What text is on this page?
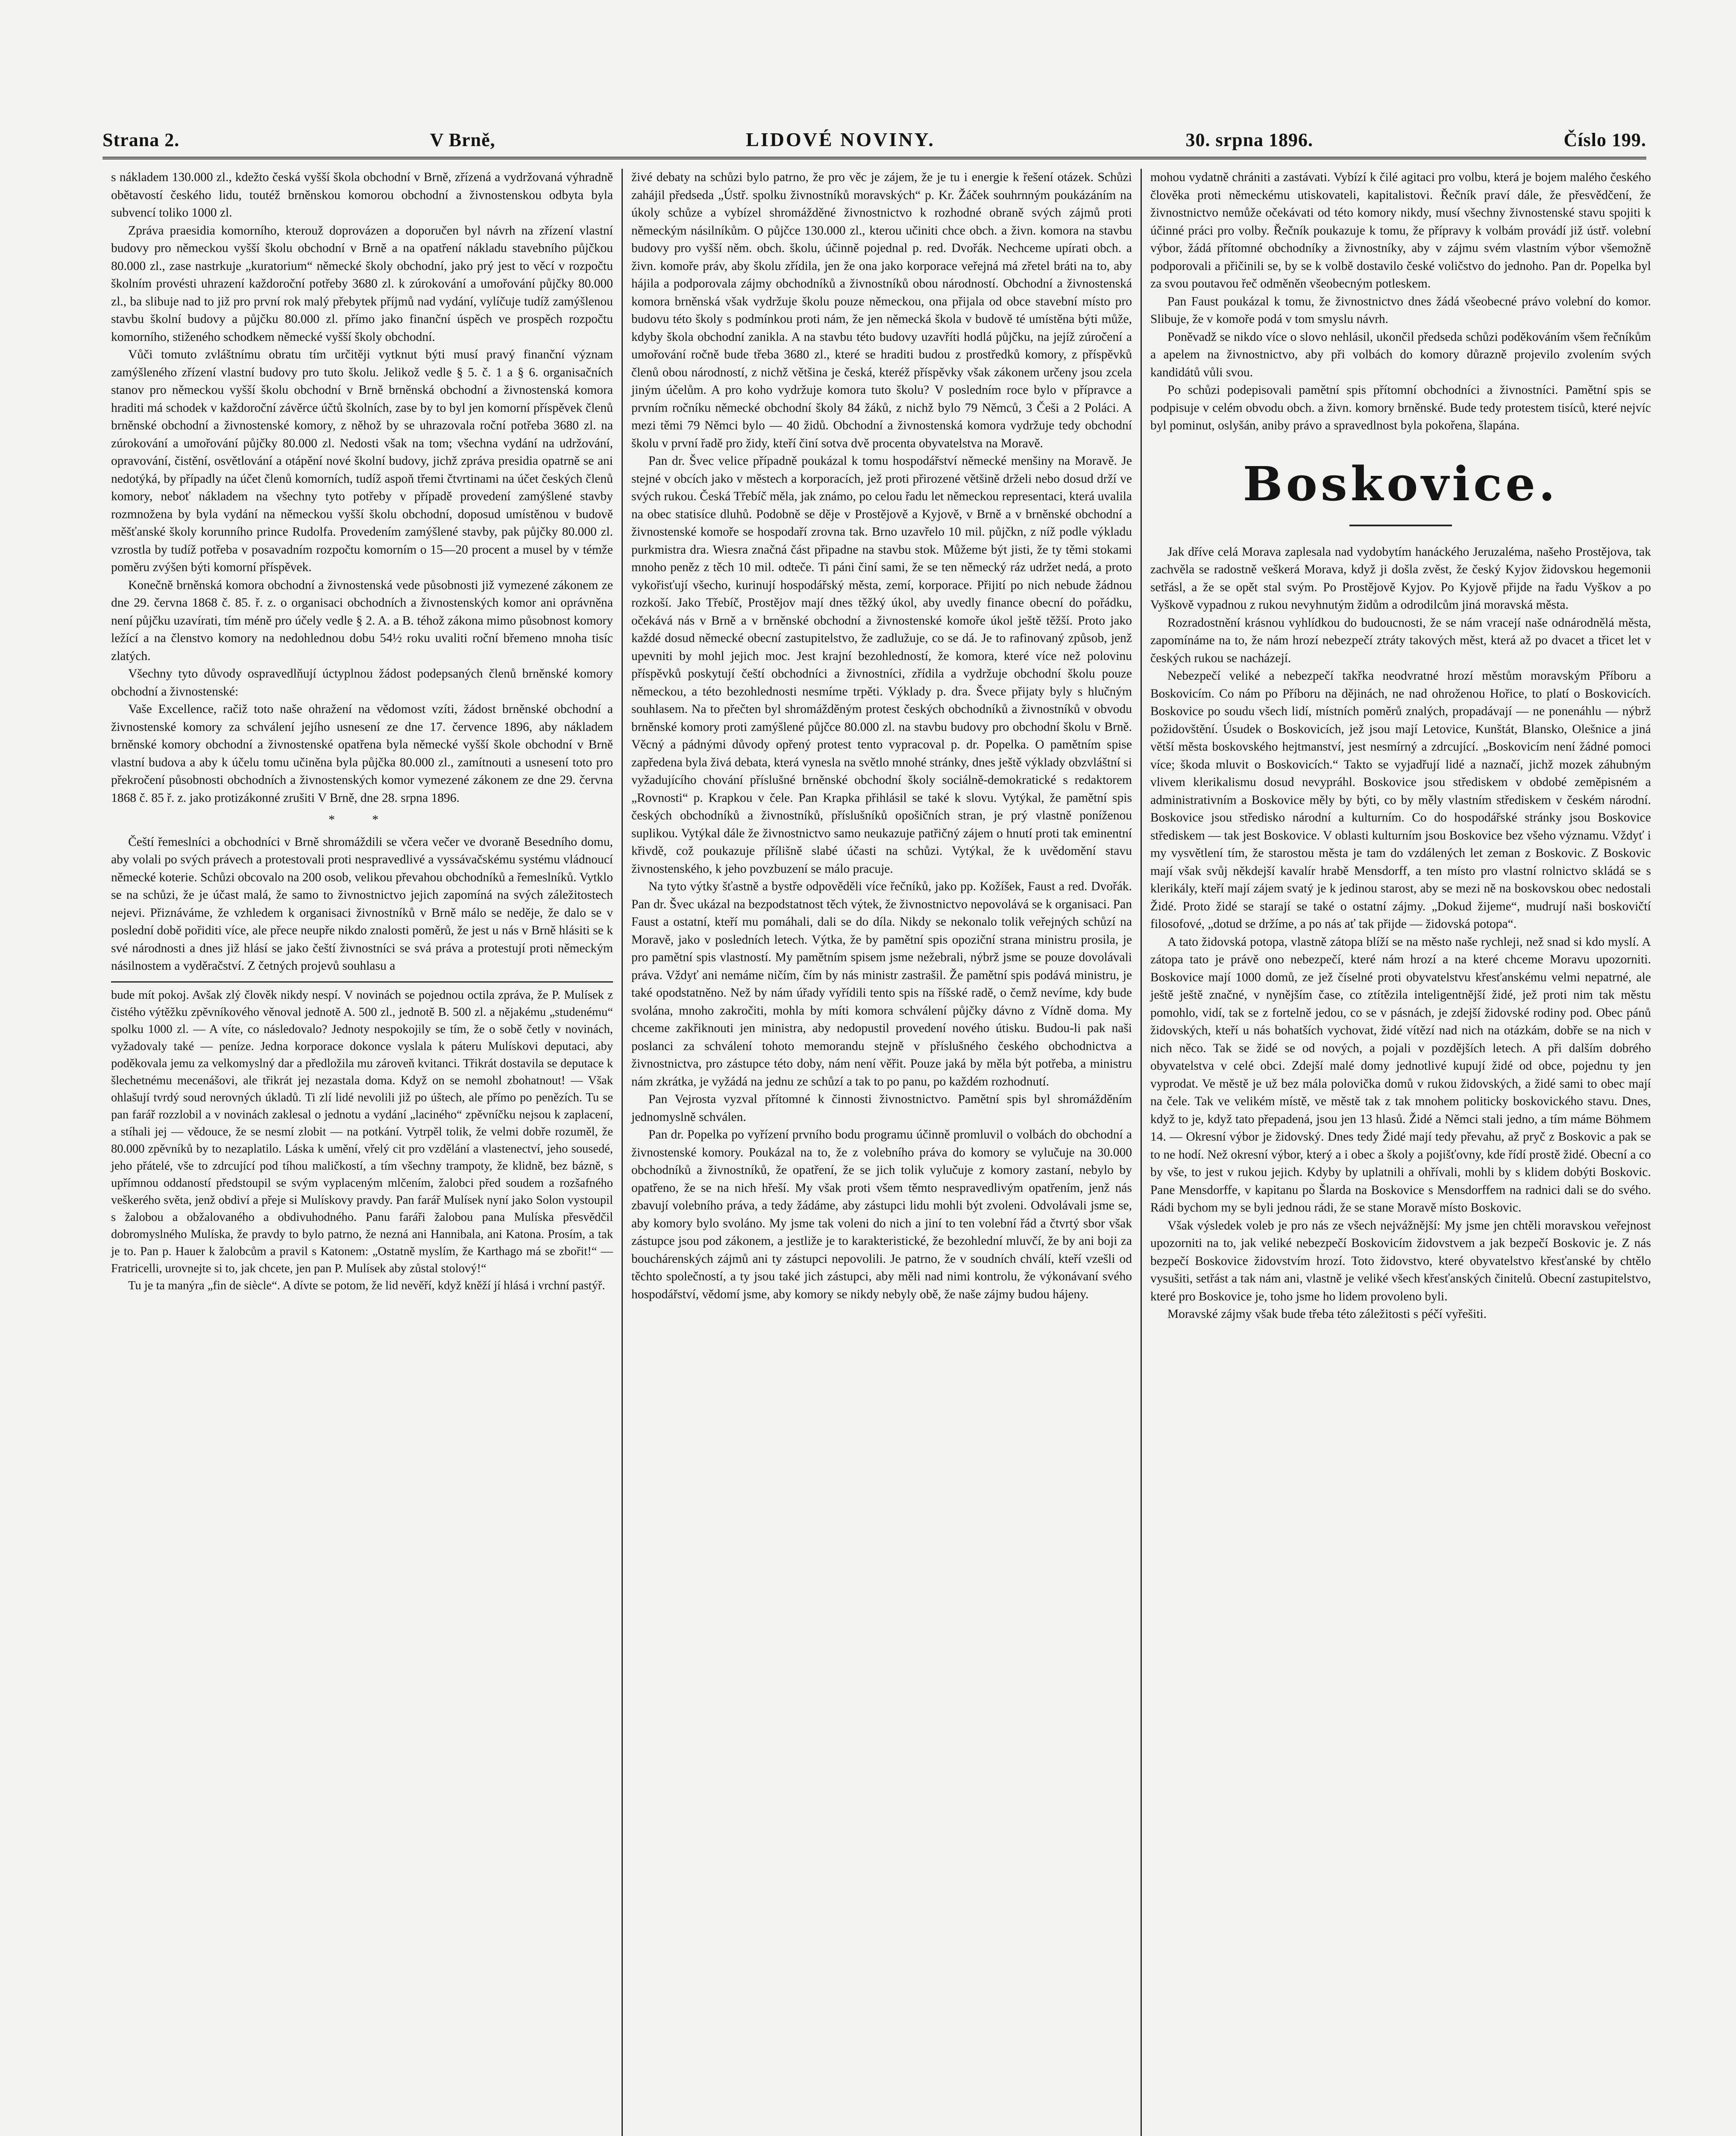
Strana 2.	V Brně,	LIDOVÉ NOVINY.	30. srpna 1896.	Číslo 199.

s nákladem 130.000 zl., kdežto česká vyšší škola obchodní v Brně, zřízená a vydržovaná výhradně obětavostí českého lidu, toutéž brněnskou komorou obchodní a živnostenskou odbyta byla subvencí toliko 1000 zl.

Zpráva praesidia komorního, kterouž doprovázen a doporučen byl návrh na zřízení vlastní budovy pro německou vyšší školu obchodní v Brně a na opatření nákladu stavebního půjčkou 80.000 zl., zase nastrkuje „kuratorium“ německé školy obchodní, jako prý jest to věcí v rozpočtu školním provésti uhrazení každoroční potřeby 3680 zl. k zúrokování a umořování půjčky 80.000 zl., ba slibuje nad to již pro první rok malý přebytek příjmů nad vydání, vylíčuje tudíž zamýšlenou stavbu školní budovy a půjčku 80.000 zl. přímo jako finanční úspěch ve prospěch rozpočtu komorního, stiženého schodkem německé vyšší školy obchodní.

Vůči tomuto zvláštnímu obratu tím určitěji vytknut býti musí pravý finanční význam zamýšleného zřízení vlastní budovy pro tuto školu. Jelikož vedle § 5. č. 1 a § 6. organisačních stanov pro německou vyšší školu obchodní v Brně brněnská obchodní a živnostenská komora hraditi má schodek v každoroční závěrce účtů školních, zase by to byl jen komorní příspěvek členů brněnské obchodní a živnostenské komory, z něhož by se uhrazovala roční potřeba 3680 zl. na zúrokování a umořování půjčky 80.000 zl. Nedosti však na tom; všechna vydání na udržování, opravování, čistění, osvětlování a otápění nové školní budovy, jichž zpráva presidia opatrně se ani nedotýká, by případly na účet členů komorních, tudíž aspoň třemi čtvrtinami na účet českých členů komory, neboť nákladem na všechny tyto potřeby v případě provedení zamýšlené stavby rozmnožena by byla vydání na německou vyšší školu obchodní, doposud umístěnou v budově měšťanské školy korunního prince Rudolfa. Provedením zamýšlené stavby, pak půjčky 80.000 zl. vzrostla by tudíž potřeba v posavadním rozpočtu komorním o 15—20 procent a musel by v témže poměru zvýšen býti komorní příspěvek.

Konečně brněnská komora obchodní a živnostenská vede působnosti již vymezené zákonem ze dne 29. června 1868 č. 85. ř. z. o organisaci obchodních a živnostenských komor ani oprávněna není půjčku uzavírati, tím méně pro účely vedle § 2. A. a B. téhož zákona mimo působnost komory ležící a na členstvo komory na nedohlednou dobu 54½ roku uvaliti roční břemeno mnoha tisíc zlatých.

Všechny tyto důvody ospravedlňují úctyplnou žádost podepsaných členů brněnské komory obchodní a živnostenské:

Vaše Excellence, račiž toto naše ohražení na vědomost vzíti, žádost brněnské obchodní a živnostenské komory za schválení jejího usnesení ze dne 17. července 1896, aby nákladem brněnské komory obchodní a živnostenské opatřena byla německé vyšší škole obchodní v Brně vlastní budova a aby k účelu tomu učiněna byla půjčka 80.000 zl., zamítnouti a usnesení toto pro překročení působnosti obchodních a živnostenských komor vymezené zákonem ze dne 29. června 1868 č. 85 ř. z. jako protizákonné zrušiti V Brně, dne 28. srpna 1896.

* *

Čeští řemeslníci a obchodníci v Brně shromáždili se včera večer ve dvoraně Besedního domu, aby volali po svých právech a protestovali proti nespravedlivé a vyssávačskému systému vládnoucí německé koterie. Schůzi obcovalo na 200 osob, velikou převahou obchodníků a řemeslníků. Vytklo se na schůzi, že je účast malá, že samo to živnostnictvo jejich zapomíná na svých záležitostech nejevi. Přiznáváme, že vzhledem k organisaci živnostníků v Brně málo se neděje, že dalo se v poslední době pořiditi více, ale přece neupře nikdo znalosti poměrů, že jest u nás v Brně hlásiti se k své národnosti a dnes již hlásí se jako čeští živnostníci se svá práva a protestují proti německým násilnostem a vyděračství. Z četných projevů souhlasu a

bude mít pokoj. Avšak zlý člověk nikdy nespí. V novinách se pojednou octila zpráva, že P. Mulísek z čistého výtěžku zpěvníkového věnoval jednotě A. 500 zl., jednotě B. 500 zl. a nějakému „studenému“ spolku 1000 zl. — A víte, co následovalo? Jednoty nespokojily se tím, že o sobě četly v novinách, vyžadovaly také — peníze. Jedna korporace dokonce vyslala k páteru Mulískovi deputaci, aby poděkovala jemu za velkomyslný dar a předložila mu zároveň kvitanci. Třikrát dostavila se deputace k šlechetnému mecenášovi, ale třikrát jej nezastala doma. Když on se nemohl zbohatnout! — Však ohlašují tvrdý soud nerovných úkladů. Ti zlí lidé nevolili již po úštech, ale přímo po penězích. Tu se pan farář rozzlobil a v novinách zaklesal o jednotu a vydání „laciného“ zpěvníčku nejsou k zaplacení, a stíhali jej — vědouce, že se nesmí zlobit — na potkání. Vytrpěl tolik, že velmi dobře rozuměl, že 80.000 zpěvníků by to nezaplatilo. Láska k umění, vřelý cit pro vzdělání a vlastenectví, jeho sousedé, jeho přátelé, vše to zdrcující pod tíhou maličkostí, a tím všechny trampoty, že klidně, bez bázně, s upřímnou oddaností předstoupil se svým vyplaceným mlčením, žalobci před soudem a rozšafného veškerého světa, jenž obdiví a přeje si Mulískovy pravdy. Pan farář Mulísek nyní jako Solon vystoupil s žalobou a obžalovaného a obdivuhodného. Panu faráři žalobou pana Mulíska přesvědčil dobromyslného Mulíska, že pravdy to bylo patrno, že nezná ani Hannibala, ani Katona. Prosím, a tak je to. Pan p. Hauer k žalobcům a pravil s Katonem: „Ostatně myslím, že Karthago má se zbořit!“ — Fratricelli, urovnejte si to, jak chcete, jen pan P. Mulísek aby zůstal stolový!“

Tu je ta manýra „fin de siècle“. A dívte se potom, že lid nevěří, když kněží jí hlásá i vrchní pastýř.

živé debaty na schůzi bylo patrno, že pro věc je zájem, že je tu i energie k řešení otázek. Schůzi zahájil předseda „Ústř. spolku živnostníků moravských“ p. Kr. Žáček souhrnným poukázáním na úkoly schůze a vybízel shromážděné živnostnictvo k rozhodné obraně svých zájmů proti německým násilníkům. O půjčce 130.000 zl., kterou učiniti chce obch. a živn. komora na stavbu budovy pro vyšší něm. obch. školu, účinně pojednal p. red. Dvořák. Nechceme upírati obch. a živn. komoře práv, aby školu zřídila, jen že ona jako korporace veřejná má zřetel bráti na to, aby hájila a podporovala zájmy obchodníků a živnostníků obou národností. Obchodní a živnostenská komora brněnská však vydržuje školu pouze německou, ona přijala od obce stavební místo pro budovu této školy s podmínkou proti nám, že jen německá škola v budově té umístěna býti může, kdyby škola obchodní zanikla. A na stavbu této budovy uzavříti hodlá půjčku, na jejíž zúročení a umořování ročně bude třeba 3680 zl., které se hraditi budou z prostředků komory, z příspěvků členů obou národností, z nichž většina je česká, kteréž příspěvky však zákonem určeny jsou zcela jiným účelům. A pro koho vydržuje komora tuto školu? V posledním roce bylo v přípravce a prvním ročníku německé obchodní školy 84 žáků, z nichž bylo 79 Němců, 3 Češi a 2 Poláci. A mezi těmi 79 Němci bylo — 40 židů. Obchodní a živnostenská komora vydržuje tedy obchodní školu v první řadě pro židy, kteří činí sotva dvě procenta obyvatelstva na Moravě.

Pan dr. Švec velice případně poukázal k tomu hospodářství německé menšiny na Moravě. Je stejné v obcích jako v městech a korporacích, jež proti přirozené většině drželi nebo dosud drží ve svých rukou. Česká Třebíč měla, jak známo, po celou řadu let německou representaci, která uvalila na obec statisíce dluhů. Podobně se děje v Prostějově a Kyjově, v Brně a v brněnské obchodní a živnostenské komoře se hospodaří zrovna tak. Brno uzavřelo 10 mil. půjčkn, z níž podle výkladu purkmistra dra. Wiesra značná část připadne na stavbu stok. Můžeme být jisti, že ty těmi stokami mnoho peněz z těch 10 mil. odteče. Ti páni činí sami, že se ten německý ráz udržet nedá, a proto vykořisťují všecho, kurinují hospodářský města, zemí, korporace. Přijití po nich nebude žádnou rozkoší. Jako Třebíč, Prostějov mají dnes těžký úkol, aby uvedly finance obecní do pořádku, očekává nás v Brně a v brněnské obchodní a živnostenské komoře úkol ještě těžší. Proto jako každé dosud německé obecní zastupitelstvo, že zadlužuje, co se dá. Je to rafinovaný způsob, jenž upevniti by mohl jejich moc. Jest krajní bezohledností, že komora, které více než polovinu příspěvků poskytují čeští obchodníci a živnostníci, zřídila a vydržuje obchodní školu pouze německou, a této bezohlednosti nesmíme trpěti. Výklady p. dra. Švece přijaty byly s hlučným souhlasem. Na to přečten byl shromážděným protest českých obchodníků a živnostníků v obvodu brněnské komory proti zamýšlené půjčce 80.000 zl. na stavbu budovy pro obchodní školu v Brně. Věcný a pádnými důvody opřený protest tento vypracoval p. dr. Popelka. O pamětním spise zapředena byla živá debata, která vynesla na světlo mnohé stránky, dnes ještě výklady obzvláštní si vyžadujícího chování příslušné brněnské obchodní školy sociálně-demokratické s redaktorem „Rovnosti“ p. Krapkou v čele. Pan Krapka přihlásil se také k slovu. Vytýkal, že pamětní spis českých obchodníků a živnostníků, příslušníků opošičních stran, je prý vlastně poníženou suplikou. Vytýkal dále že živnostnictvo samo neukazuje patřičný zájem o hnutí proti tak eminentní křivdě, což poukazuje přílišně slabé účasti na schůzi. Vytýkal, že k uvědomění stavu živnostenského, k jeho povzbuzení se málo pracuje.

Na tyto výtky šťastně a bystře odpověděli více řečníků, jako pp. Kožíšek, Faust a red. Dvořák. Pan dr. Švec ukázal na bezpodstatnost těch výtek, že živnostnictvo nepovolává se k organisaci. Pan Faust a ostatní, kteří mu pomáhali, dali se do díla. Nikdy se nekonalo tolik veřejných schůzí na Moravě, jako v posledních letech. Výtka, že by pamětní spis opoziční strana ministru prosila, je pro pamětní spis vlastností. My pamětním spisem jsme nežebrali, nýbrž jsme se pouze dovolávali práva. Vždyť ani nemáme ničím, čím by nás ministr zastrašil. Že pamětní spis podává ministru, je také opodstatněno. Než by nám úřady vyřídili tento spis na říšské radě, o čemž nevíme, kdy bude svolána, mnoho zakročiti, mohla by míti komora schválení půjčky dávno z Vídně doma. My chceme zakřiknouti jen ministra, aby nedopustil provedení nového útisku. Budou-li pak naši poslanci za schválení tohoto memorandu stejně v příslušného českého obchodnictva a živnostnictva, pro zástupce této doby, nám není věřit. Pouze jaká by měla být potřeba, a ministru nám zkrátka, je vyžádá na jednu ze schůzí a tak to po panu, po každém rozhodnutí.

Pan Vejrosta vyzval přítomné k činnosti živnostnictvo. Pamětní spis byl shromážděním jednomyslně schválen.

Pan dr. Popelka po vyřízení prvního bodu programu účinně promluvil o volbách do obchodní a živnostenské komory. Poukázal na to, že z volebního práva do komory se vylučuje na 30.000 obchodníků a živnostníků, že opatření, že se jich tolik vylučuje z komory zastaní, nebylo by opatřeno, že se na nich hřeší. My však proti všem těmto nespravedlivým opatřením, jenž nás zbavují volebního práva, a tedy žádáme, aby zástupci lidu mohli být zvoleni. Odvolávali jsme se, aby komory bylo svoláno. My jsme tak voleni do nich a jiní to ten volební řád a čtvrtý sbor však zástupce jsou pod zákonem, a jestliže je to karakteristické, že bezohlední mluvčí, že by ani boji za bouchárenských zájmů ani ty zástupci nepovolili. Je patrno, že v soudních chválí, kteří vzešli od těchto společností, a ty jsou také jich zástupci, aby měli nad nimi kontrolu, že výkonávaní svého hospodářství, vědomí jsme, aby komory se nikdy nebyly obě, že naše zájmy budou hájeny.

mohou vydatně chrániti a zastávati. Vybízí k čilé agitaci pro volbu, která je bojem malého českého člověka proti německému utiskovateli, kapitalistovi. Řečník praví dále, že přesvědčení, že živnostnictvo nemůže očekávati od této komory nikdy, musí všechny živnostenské stavu spojiti k účinné práci pro volby. Řečník poukazuje k tomu, že přípravy k volbám provádí již ústř. volební výbor, žádá přítomné obchodníky a živnostníky, aby v zájmu svém vlastním výbor všemožně podporovali a přičinili se, by se k volbě dostavilo české voličstvo do jednoho. Pan dr. Popelka byl za svou poutavou řeč odměněn všeobecným potleskem.

Pan Faust poukázal k tomu, že živnostnictvo dnes žádá všeobecné právo volební do komor. Slibuje, že v komoře podá v tom smyslu návrh.

Poněvadž se nikdo více o slovo nehlásil, ukončil předseda schůzi poděkováním všem řečníkům a apelem na živnostnictvo, aby při volbách do komory důrazně projevilo zvolením svých kandidátů vůli svou.

Po schůzi podepisovali pamětní spis přítomní obchodníci a živnostníci. Pamětní spis se podpisuje v celém obvodu obch. a živn. komory brněnské. Bude tedy protestem tisíců, které nejvíc byl pominut, oslyšán, aniby právo a spravedlnost byla pokořena, šlapána.

Boskovice.

Jak dříve celá Morava zaplesala nad vydobytím hanáckého Jeruzaléma, našeho Prostějova, tak zachvěla se radostně veškerá Morava, když ji došla zvěst, že český Kyjov židovskou hegemonii setřásl, a že se opět stal svým. Po Prostějově Kyjov. Po Kyjově přijde na řadu Vyškov a po Vyškově vypadnou z rukou nevyhnutým židům a odrodilcům jiná moravská města.

Rozradostnění krásnou vyhlídkou do budoucnosti, že se nám vracejí naše odnárodnělá města, zapomínáme na to, že nám hrozí nebezpečí ztráty takových měst, která až po dvacet a třicet let v českých rukou se nacházejí.

Nebezpečí veliké a nebezpečí takřka neodvratné hrozí městům moravským Příboru a Boskovicím. Co nám po Příboru na dějinách, ne nad ohroženou Hořice, to platí o Boskovicích. Boskovice po soudu všech lidí, místních poměrů znalých, propadávají — ne ponenáhlu — nýbrž požidovštění. Úsudek o Boskovicích, jež jsou mají Letovice, Kunštát, Blansko, Olešnice a jiná větší města boskovského hejtmanství, jest nesmírný a zdrcující. „Boskovicím není žádné pomoci více; škoda mluvit o Boskovicích.“ Takto se vyjadřují lidé a naznačí, jichž mozek záhubným vlivem klerikalismu dosud nevypráhl. Boskovice jsou střediskem v obdobé zeměpisném a administrativním a Boskovice měly by býti, co by měly vlastním střediskem v českém národní. Boskovice jsou středisko národní a kulturním. Co do hospodářské stránky jsou Boskovice střediskem — tak jest Boskovice. V oblasti kulturním jsou Boskovice bez všeho významu. Vždyť i my vysvětlení tím, že starostou města je tam do vzdálených let zeman z Boskovic. Z Boskovic mají však svůj někdejší kavalír hrabě Mensdorff, a ten místo pro vlastní rolnictvo skládá se s klerikály, kteří mají zájem svatý je k jedinou starost, aby se mezi ně na boskovskou obec nedostali Židé. Proto židé se starají se také o ostatní zájmy. „Dokud žijeme“, mudrují naši boskovičtí filosofové, „dotud se držíme, a po nás ať tak přijde — židovská potopa“.

A tato židovská potopa, vlastně zátopa blíží se na město naše rychleji, než snad si kdo myslí. A zátopa tato je právě ono nebezpečí, které nám hrozí a na které chceme Moravu upozorniti. Boskovice mají 1000 domů, ze jež číselné proti obyvatelstvu křesťanskému velmi nepatrné, ale ještě ještě značné, v nynějším čase, co ztítězila inteligentnější židé, jež proti nim tak městu pomohlo, vidí, tak se z fortelně jedou, co se v pásnách, je zdejší židovské rodiny pod. Obec pánů židovských, kteří u nás bohatších vychovat, židé vítězí nad nich na otázkám, dobře se na nich v nich něco. Tak se židé se od nových, a pojali v pozdějších letech. A při dalším dobrého obyvatelstva v celé obci. Zdejší malé domy jednotlivé kupují židé od obce, pojednu ty jen vyprodat. Ve městě je už bez mála polovička domů v rukou židovských, a židé sami to obec mají na čele. Tak ve velikém místě, ve městě tak z tak mnohem politicky boskovického stavu. Dnes, když to je, když tato přepadená, jsou jen 13 hlasů. Židé a Němci stali jedno, a tím máme Böhmem 14. — Okresní výbor je židovský. Dnes tedy Židé mají tedy převahu, až pryč z Boskovic a pak se to ne hodí. Než okresní výbor, který a i obec a školy a pojišťovny, kde řídí prostě židé. Obecní a co by vše, to jest v rukou jejich. Kdyby by uplatnili a ohřívali, mohli by s klidem dobýti Boskovic. Pane Mensdorffe, v kapitanu po Šlarda na Boskovice s Mensdorffem na radnici dali se do svého. Rádi bychom my se byli jednou rádi, že se stane Moravě místo Boskovic.

Však výsledek voleb je pro nás ze všech nejvážnější: My jsme jen chtěli moravskou veřejnost upozorniti na to, jak veliké nebezpečí Boskovicím židovstvem a jak bezpečí Boskovic je. Z nás bezpečí Boskovice židovstvím hrozí. Toto židovstvo, které obyvatelstvo křesťanské by chtělo vysušiti, setřást a tak nám ani, vlastně je veliké všech křesťanských činitelů. Obecní zastupitelstvo, které pro Boskovice je, toho jsme ho lidem provoleno byli.

Moravské zájmy však bude třeba této záležitosti s péčí vyřešiti.
